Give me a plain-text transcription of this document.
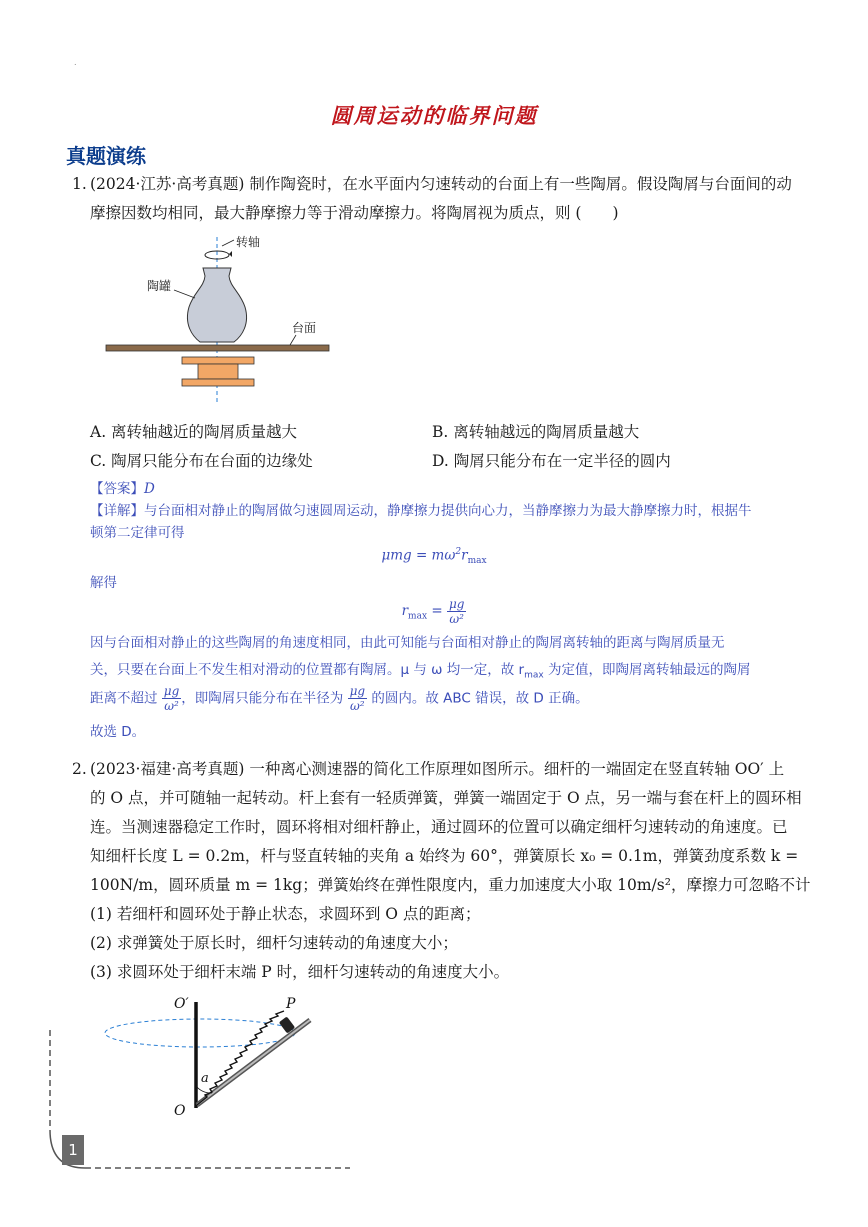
.
圆周运动的临界问题
真题演练
1. (2024·江苏·高考真题) 制作陶瓷时，在水平面内匀速转动的台面上有一些陶屑。假设陶屑与台面间的动
摩擦因数均相同，最大静摩擦力等于滑动摩擦力。将陶屑视为质点，则 (　　)
转轴
陶罐
台面
A. 离转轴越近的陶屑质量越大	B. 离转轴越远的陶屑质量越大
C. 陶屑只能分布在台面的边缘处	D. 陶屑只能分布在一定半径的圆内
【答案】D
【详解】与台面相对静止的陶屑做匀速圆周运动，静摩擦力提供向心力，当静摩擦力为最大静摩擦力时，根据牛
顿第二定律可得
$\mu mg = m\omega^2r_{max}$
解得
$r_{max} = \frac{\mu g}{\text{ω²}}$
因与台面相对静止的这些陶屑的角速度相同，由此可知能与台面相对静止的陶屑离转轴的距离与陶屑质量无
关，只要在台面上不发生相对滑动的位置都有陶屑。μ 与 ω 均一定，故 $r_{max}$ 为定值，即陶屑离转轴最远的陶屑
距离不超过 $\frac{\mu g}{\text{ω²}}$ ，即陶屑只能分布在半径为 $\frac{\mu g}{\text{ω²}}$ 的圆内。故 ABC 错误，故 D 正确。
故选 D。
2. (2023·福建·高考真题) 一种离心测速器的简化工作原理如图所示。细杆的一端固定在竖直转轴 OO′ 上
的 O 点，并可随轴一起转动。杆上套有一轻质弹簧，弹簧一端固定于 O 点，另一端与套在杆上的圆环相
连。当测速器稳定工作时，圆环将相对细杆静止，通过圆环的位置可以确定细杆匀速转动的角速度。已
知细杆长度 L = 0.2m，杆与竖直转轴的夹角 a 始终为 60°，弹簧原长 x₀ = 0.1m，弹簧劲度系数 k =
100N/m，圆环质量 m = 1kg；弹簧始终在弹性限度内，重力加速度大小取 10m/s²，摩擦力可忽略不计
(1) 若细杆和圆环处于静止状态，求圆环到 O 点的距离；
(2) 求弹簧处于原长时，细杆匀速转动的角速度大小；
(3) 求圆环处于细杆末端 P 时，细杆匀速转动的角速度大小。
O′
O
P
a
1
